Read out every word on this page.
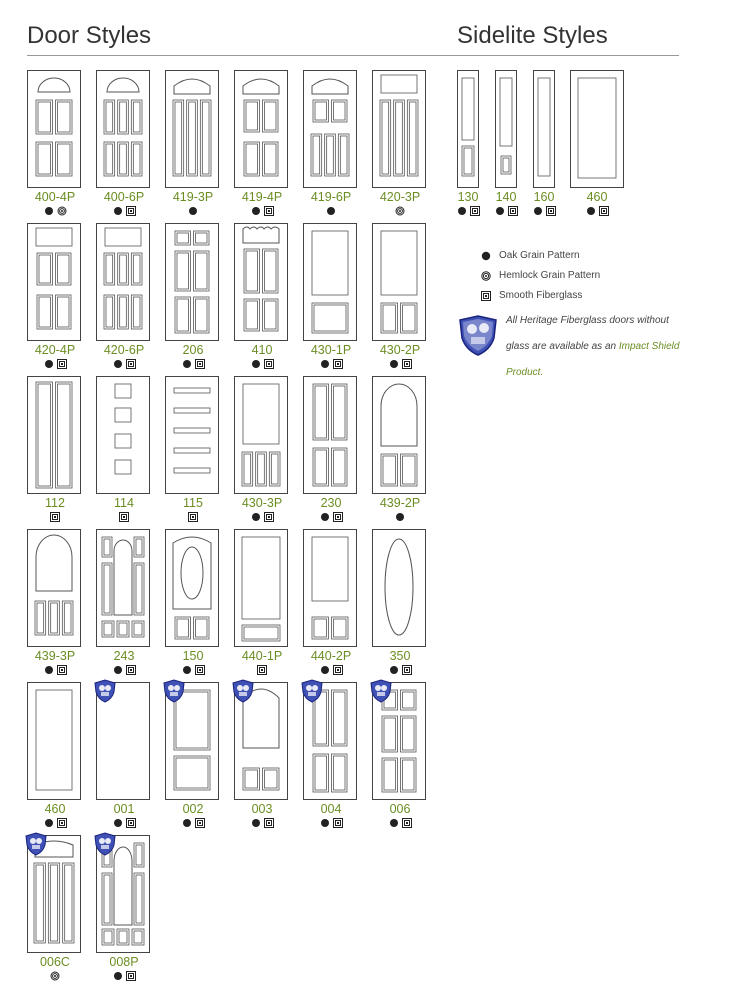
Door Styles	Sidelite Styles
400-4P	400-6P	419-3P	419-4P	419-6P	420-3P
420-4P	420-6P	206	410	430-1P	430-2P
112	114	115	430-3P	230	439-2P
439-3P	243	150	440-1P	440-2P	350
460	001	002	003	004	006
006C	008P
130	140	160	460
Oak Grain Pattern
Hemlock Grain Pattern
Smooth Fiberglass
All Heritage Fiberglass doors without glass are available as an Impact Shield Product.
